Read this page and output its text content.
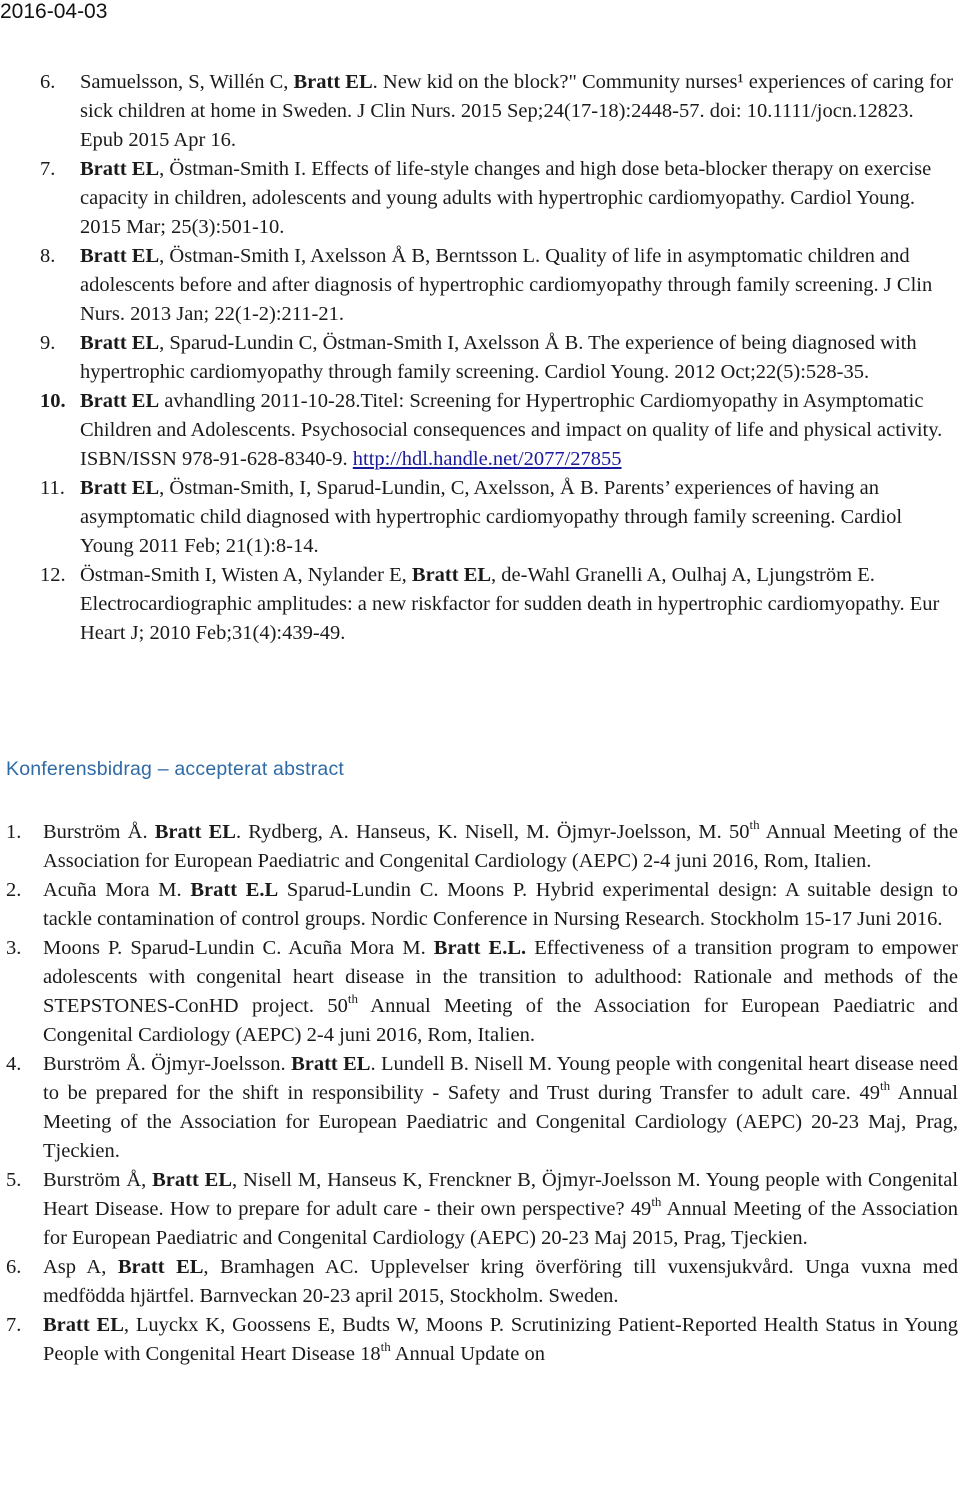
2016-04-03
6. Samuelsson, S, Willén C, Bratt EL. New kid on the block?" Community nurses¹ experiences of caring for sick children at home in Sweden. J Clin Nurs. 2015 Sep;24(17-18):2448-57. doi: 10.1111/jocn.12823. Epub 2015 Apr 16.
7. Bratt EL, Östman-Smith I. Effects of life-style changes and high dose beta-blocker therapy on exercise capacity in children, adolescents and young adults with hypertrophic cardiomyopathy. Cardiol Young. 2015 Mar; 25(3):501-10.
8. Bratt EL, Östman-Smith I, Axelsson Å B, Berntsson L. Quality of life in asymptomatic children and adolescents before and after diagnosis of hypertrophic cardiomyopathy through family screening. J Clin Nurs. 2013 Jan; 22(1-2):211-21.
9. Bratt EL, Sparud-Lundin C, Östman-Smith I, Axelsson Å B. The experience of being diagnosed with hypertrophic cardiomyopathy through family screening. Cardiol Young. 2012 Oct;22(5):528-35.
10. Bratt EL avhandling 2011-10-28.Titel: Screening for Hypertrophic Cardiomyopathy in Asymptomatic Children and Adolescents. Psychosocial consequences and impact on quality of life and physical activity. ISBN/ISSN 978-91-628-8340-9. http://hdl.handle.net/2077/27855
11. Bratt EL, Östman-Smith, I, Sparud-Lundin, C, Axelsson, Å B. Parents’ experiences of having an asymptomatic child diagnosed with hypertrophic cardiomyopathy through family screening. Cardiol Young 2011 Feb; 21(1):8-14.
12. Östman-Smith I, Wisten A, Nylander E, Bratt EL, de-Wahl Granelli A, Oulhaj A, Ljungström E. Electrocardiographic amplitudes: a new riskfactor for sudden death in hypertrophic cardiomyopathy. Eur Heart J; 2010 Feb;31(4):439-49.
Konferensbidrag – accepterat abstract
1. Burström Å. Bratt EL. Rydberg, A. Hanseus, K. Nisell, M. Öjmyr-Joelsson, M. 50th Annual Meeting of the Association for European Paediatric and Congenital Cardiology (AEPC) 2-4 juni 2016, Rom, Italien.
2. Acuña Mora M. Bratt E.L Sparud-Lundin C. Moons P. Hybrid experimental design: A suitable design to tackle contamination of control groups. Nordic Conference in Nursing Research. Stockholm 15-17 Juni 2016.
3. Moons P. Sparud-Lundin C. Acuña Mora M. Bratt E.L. Effectiveness of a transition program to empower adolescents with congenital heart disease in the transition to adulthood: Rationale and methods of the STEPSTONES-ConHD project. 50th Annual Meeting of the Association for European Paediatric and Congenital Cardiology (AEPC) 2-4 juni 2016, Rom, Italien.
4. Burström Å. Öjmyr-Joelsson. Bratt EL. Lundell B. Nisell M. Young people with congenital heart disease need to be prepared for the shift in responsibility - Safety and Trust during Transfer to adult care. 49th Annual Meeting of the Association for European Paediatric and Congenital Cardiology (AEPC) 20-23 Maj, Prag, Tjeckien.
5. Burström Å, Bratt EL, Nisell M, Hanseus K, Frenckner B, Öjmyr-Joelsson M. Young people with Congenital Heart Disease. How to prepare for adult care - their own perspective? 49th Annual Meeting of the Association for European Paediatric and Congenital Cardiology (AEPC) 20-23 Maj 2015, Prag, Tjeckien.
6. Asp A, Bratt EL, Bramhagen AC. Upplevelser kring överföring till vuxensjukvård. Unga vuxna med medfödda hjärtfel. Barnveckan 20-23 april 2015, Stockholm. Sweden.
7. Bratt EL, Luyckx K, Goossens E, Budts W, Moons P. Scrutinizing Patient-Reported Health Status in Young People with Congenital Heart Disease 18th Annual Update on
